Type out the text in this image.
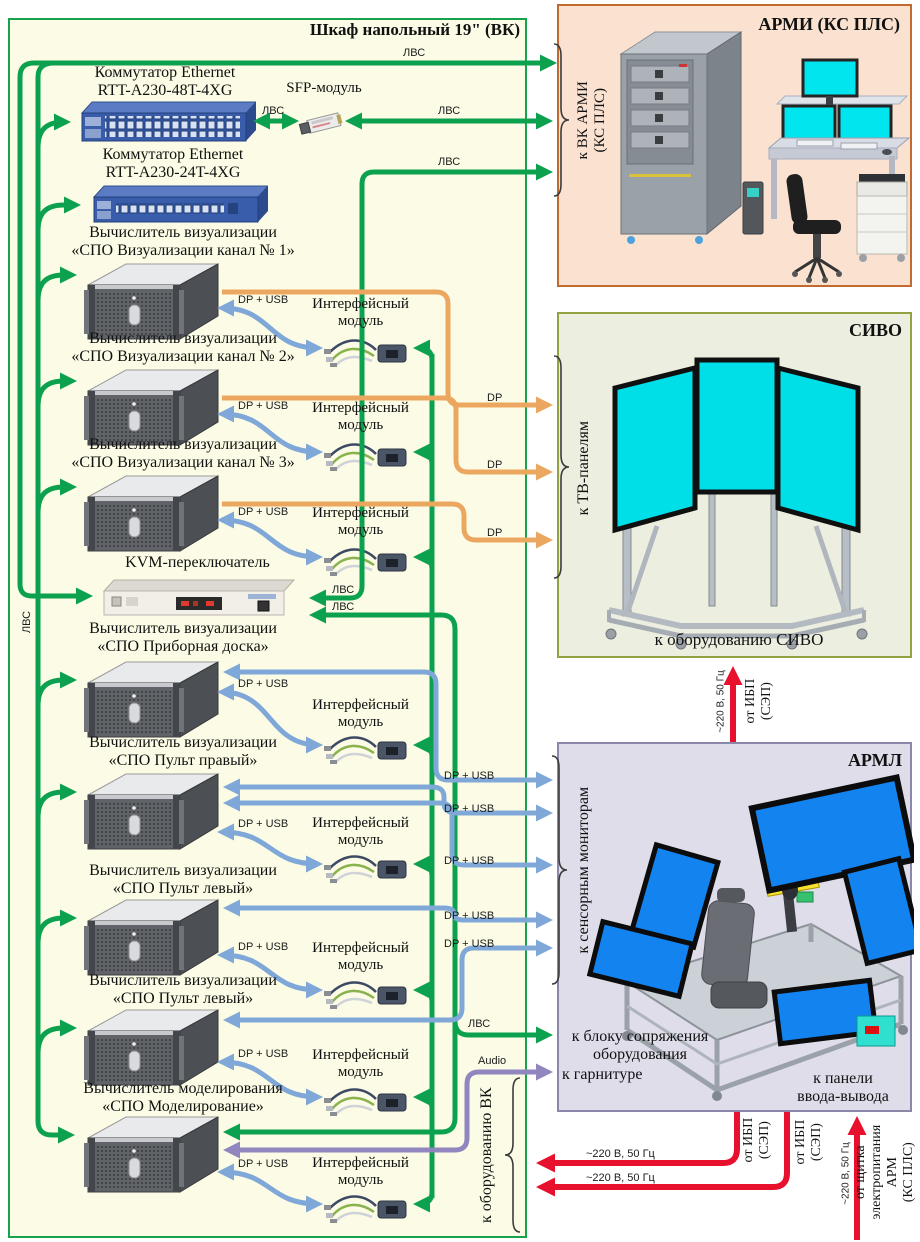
Шкаф напольный 19" (ВК)	АРМИ (КС ПЛС)
к ВК АРМИ (КС ПЛС)
к оборудованию СИВО
СИВО
к ТВ-панелям
к блоку сопряжения
оборудования
к гарнитуре	к панели
ввода-вывода
АРМЛ
к сенсорным мониторам
Коммутатор Ethernet
RTT-A230-48T-4XG
Коммутатор Ethernet
RTT-A230-24T-4XG
SFP-модуль
KVM-переключатель
Вычислитель визуализации
«СПО Визуализации канал № 1»
Вычислитель визуализации
«СПО Визуализации канал № 2»
Вычислитель визуализации
«СПО Визуализации канал № 3»
Вычислитель визуализации
«СПО Приборная доска»
Вычислитель визуализации
«СПО Пульт правый»
Вычислитель визуализации
«СПО Пульт левый»
Вычислитель визуализации
«СПО Пульт левый»
Вычислитель моделирования
«СПО Моделирование»
Интерфейсный
модуль
Интерфейсный
модуль
Интерфейсный
модуль
Интерфейсный
модуль
Интерфейсный
модуль
Интерфейсный
модуль
Интерфейсный
модуль
Интерфейсный
модуль
ЛВС
ЛВС	ЛВС
ЛВС
ЛВС
ЛВС
ЛВС
ЛВС
Audio
DP + USB
DP + USB
DP + USB
DP + USB
DP + USB
DP + USB
DP + USB
DP + USB
DP + USB
DP + USB
DP + USB
DP + USB
DP + USB
DP
DP
DP
~220 В, 50 Гц
~220 В, 50 Гц
~220 В, 50 Гц
~220 В, 50 Гц
от ИБП (СЭП)
от ИБП (СЭП) от ИБП (СЭП)
от щитка электропитания АРМ (КС ПЛС)
к оборудованию ВК
